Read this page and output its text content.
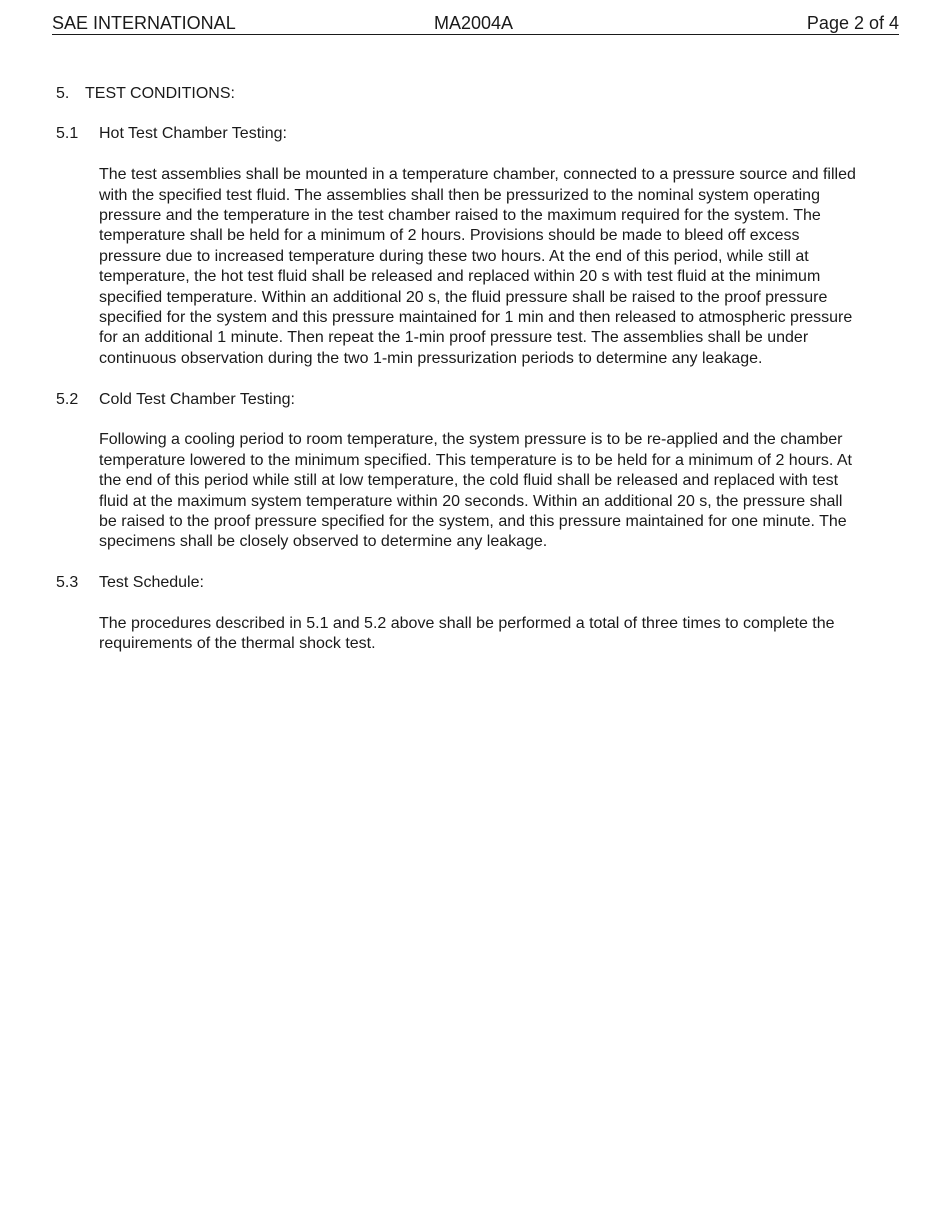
SAE INTERNATIONAL	MA2004A	Page 2 of 4
5. TEST CONDITIONS:
5.1	Hot Test Chamber Testing:
The test assemblies shall be mounted in a temperature chamber, connected to a pressure source and filled with the specified test fluid. The assemblies shall then be pressurized to the nominal system operating pressure and the temperature in the test chamber raised to the maximum required for the system. The temperature shall be held for a minimum of 2 hours. Provisions should be made to bleed off excess pressure due to increased temperature during these two hours. At the end of this period, while still at temperature, the hot test fluid shall be released and replaced within 20 s with test fluid at the minimum specified temperature. Within an additional 20 s, the fluid pressure shall be raised to the proof pressure specified for the system and this pressure maintained for 1 min and then released to atmospheric pressure for an additional 1 minute. Then repeat the 1-min proof pressure test. The assemblies shall be under continuous observation during the two 1-min pressurization periods to determine any leakage.
5.2	Cold Test Chamber Testing:
Following a cooling period to room temperature, the system pressure is to be re-applied and the chamber temperature lowered to the minimum specified. This temperature is to be held for a minimum of 2 hours. At the end of this period while still at low temperature, the cold fluid shall be released and replaced with test fluid at the maximum system temperature within 20 seconds. Within an additional 20 s, the pressure shall be raised to the proof pressure specified for the system, and this pressure maintained for one minute. The specimens shall be closely observed to determine any leakage.
5.3	Test Schedule:
The procedures described in 5.1 and 5.2 above shall be performed a total of three times to complete the requirements of the thermal shock test.
